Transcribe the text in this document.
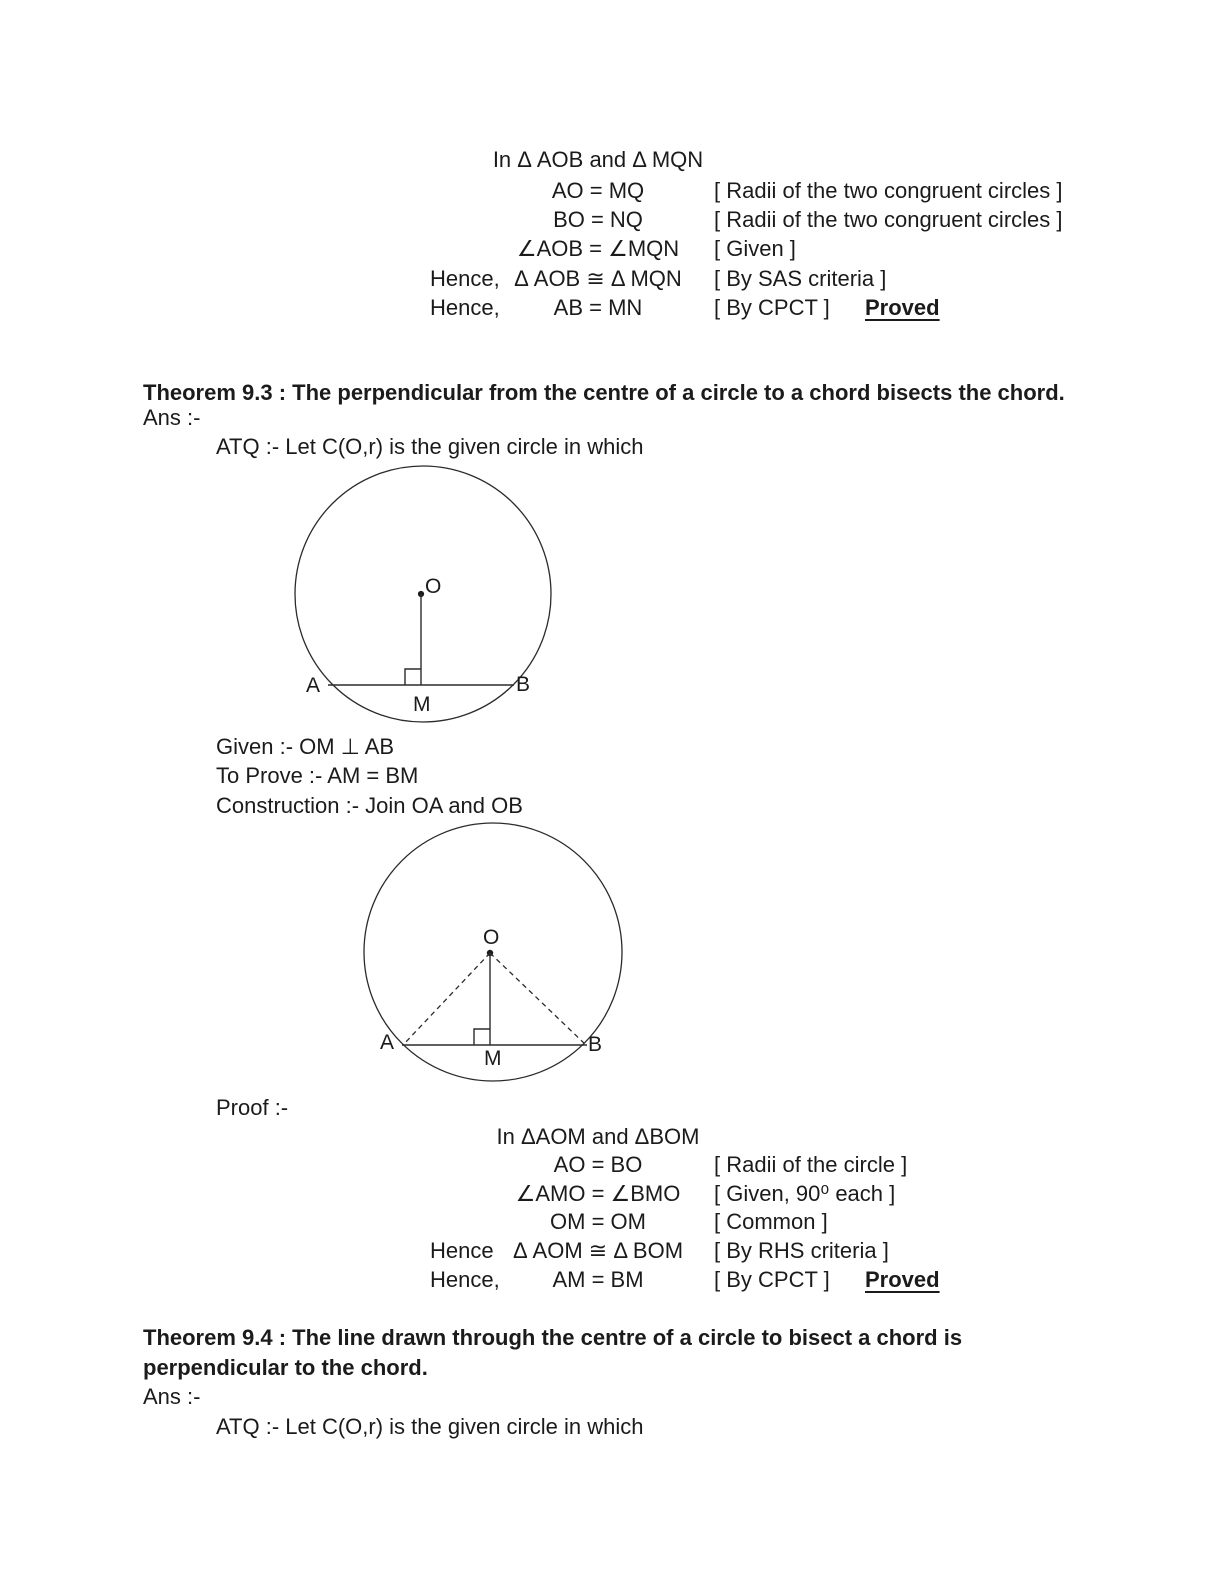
In Δ AOB and Δ MQN
AO = MQ	[ Radii of the two congruent circles ]
BO = NQ	[ Radii of the two congruent circles ]
∠AOB = ∠MQN	[ Given ]
Hence, Δ AOB ≅ Δ MQN	[ By SAS criteria ]
Hence,	AB = MN	[ By CPCT ] Proved
Theorem 9.3 : The perpendicular from the centre of a circle to a chord bisects the chord.
Ans :-
ATQ :- Let C(O,r) is the given circle in which
O
A	B
M
Given :- OM ⊥ AB
To Prove :- AM = BM
Construction :- Join OA and OB
O
A	B
M
Proof :-
In ΔAOM and ΔBOM
AO = BO	[ Radii of the circle ]
∠AMO = ∠BMO	[ Given, 90⁰ each ]
OM = OM	[ Common ]
Hence Δ AOM ≅ Δ BOM	[ By RHS criteria ]
Hence,	AM = BM	[ By CPCT ] Proved
Theorem 9.4 : The line drawn through the centre of a circle to bisect a chord is
perpendicular to the chord.
Ans :-
ATQ :- Let C(O,r) is the given circle in which
